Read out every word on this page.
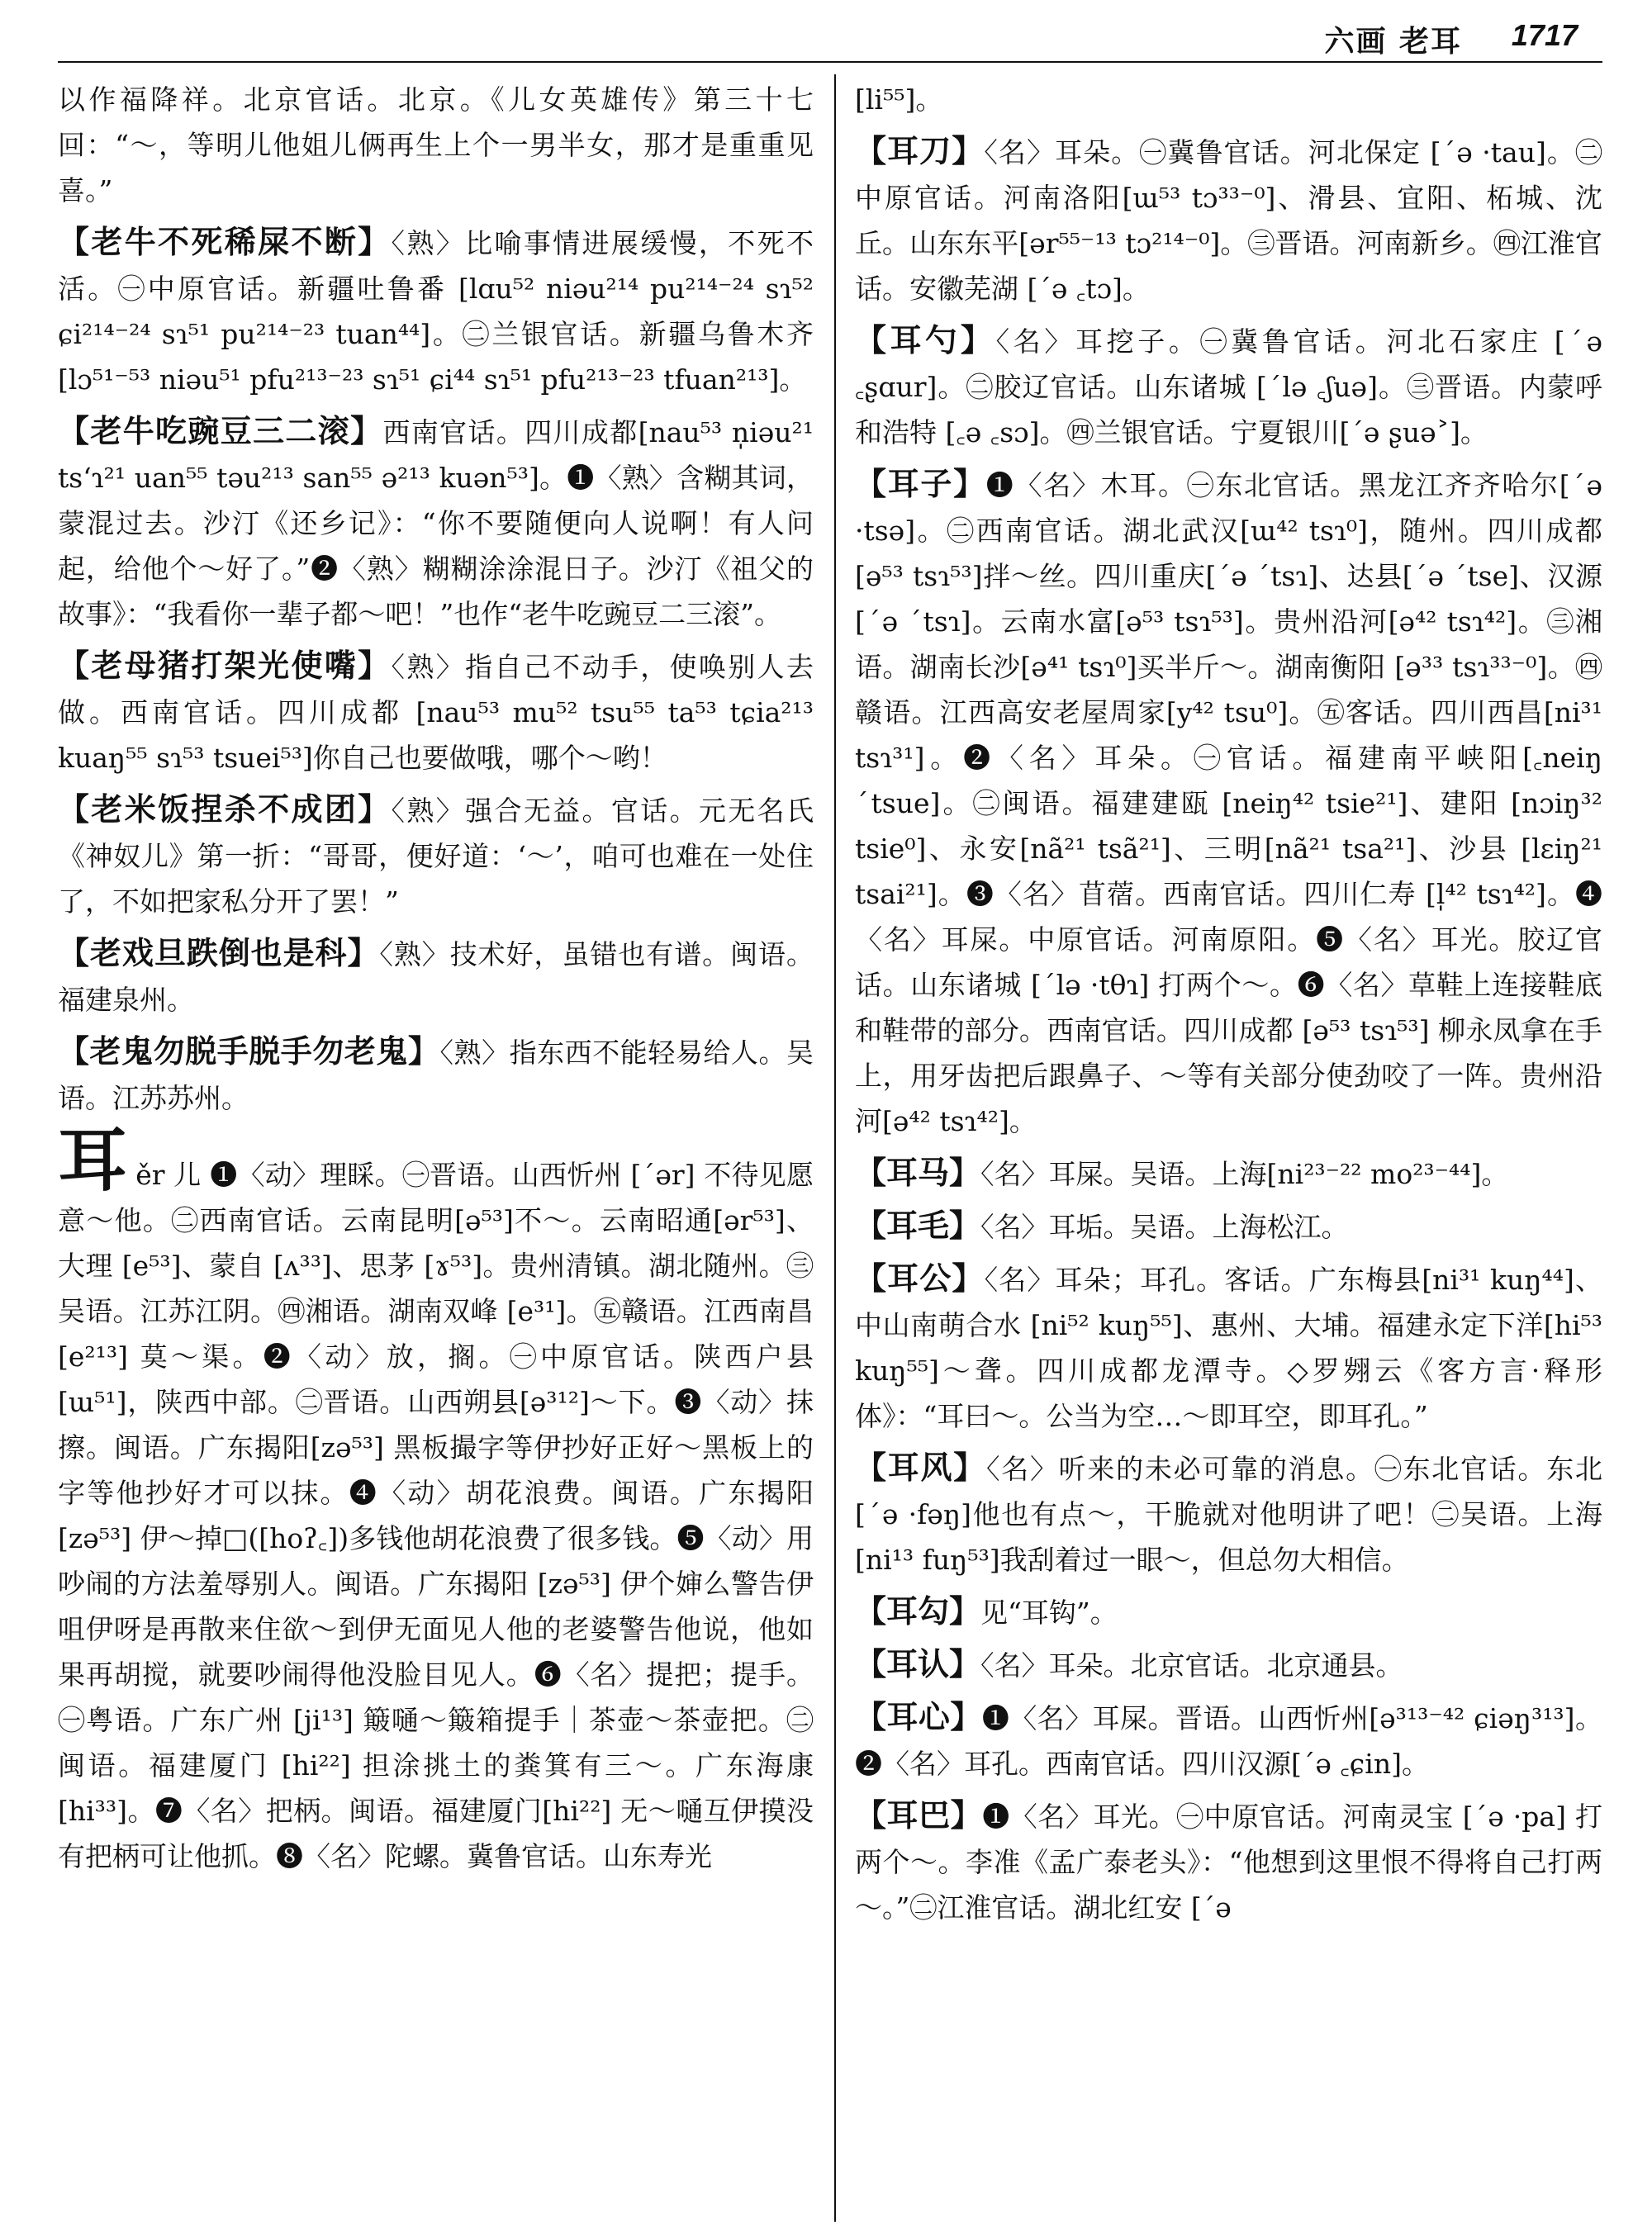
六画 老耳 1717

以作福降祥。北京官话。北京。《儿女英雄传》第三十七回：“～，等明儿他姐儿俩再生上个一男半女，那才是重重见喜。”

【老牛不死稀屎不断】〈熟〉比喻事情进展缓慢，不死不活。㊀中原官话。新疆吐鲁番 [lɑu⁵² niəu²¹⁴ pu²¹⁴⁻²⁴ sɿ⁵² ɕi²¹⁴⁻²⁴ sɿ⁵¹ pu²¹⁴⁻²³ tuan⁴⁴]。㊁兰银官话。新疆乌鲁木齐[lɔ⁵¹⁻⁵³ niəu⁵¹ pfu²¹³⁻²³ sɿ⁵¹ ɕi⁴⁴ sɿ⁵¹ pfu²¹³⁻²³ tfuan²¹³]。

【老牛吃豌豆三二滚】西南官话。四川成都[nau⁵³ n̩iəu²¹ tsʻɿ²¹ uan⁵⁵ təu²¹³ san⁵⁵ ə²¹³ kuən⁵³]。❶〈熟〉含糊其词，蒙混过去。沙汀《还乡记》：“你不要随便向人说啊！有人问起，给他个～好了。”❷〈熟〉糊糊涂涂混日子。沙汀《祖父的故事》：“我看你一辈子都～吧！”也作“老牛吃豌豆二三滚”。

【老母猪打架光使嘴】〈熟〉指自己不动手，使唤别人去做。西南官话。四川成都 [nau⁵³ mu⁵² tsu⁵⁵ ta⁵³ tɕia²¹³ kuaŋ⁵⁵ sɿ⁵³ tsuei⁵³]你自己也要做哦，哪个～哟！

【老米饭捏杀不成团】〈熟〉强合无益。官话。元无名氏《神奴儿》第一折：“哥哥，便好道：‘～’，咱可也难在一处住了，不如把家私分开了罢！”

【老戏旦跌倒也是科】〈熟〉技术好，虽错也有谱。闽语。福建泉州。

【老鬼勿脱手脱手勿老鬼】〈熟〉指东西不能轻易给人。吴语。江苏苏州。

耳ěr 儿 ❶〈动〉理睬。㊀晋语。山西忻州 [ˊər] 不待见愿意～他。㊁西南官话。云南昆明[ə⁵³]不～。云南昭通[ər⁵³]、大理 [e⁵³]、蒙自 [ʌ³³]、思茅 [ɤ⁵³]。贵州清镇。湖北随州。㊂吴语。江苏江阴。㊃湘语。湖南双峰 [e³¹]。㊄赣语。江西南昌 [e²¹³] 莫～渠。❷〈动〉放，搁。㊀中原官话。陕西户县[ɯ⁵¹]，陕西中部。㊁晋语。山西朔县[ə³¹²]～下。❸〈动〉抹擦。闽语。广东揭阳[zə⁵³] 黑板撮字等伊抄好正好～黑板上的字等他抄好才可以抹。❹〈动〉胡花浪费。闽语。广东揭阳[zə⁵³] 伊～掉□([hoʔ꜀])多钱他胡花浪费了很多钱。❺〈动〉用吵闹的方法羞辱别人。闽语。广东揭阳 [zə⁵³] 伊个婶么警告伊咀伊呀是再散来住欲～到伊无面见人他的老婆警告他说，他如果再胡搅，就要吵闹得他没脸目见人。❻〈名〉提把；提手。㊀粤语。广东广州 [ji¹³] 簸嗵～簸箱提手｜茶壶～茶壶把。㊁闽语。福建厦门 [hi²²] 担涂挑土的粪箕有三～。广东海康[hi³³]。❼〈名〉把柄。闽语。福建厦门[hi²²] 无～嗵互伊摸没有把柄可让他抓。❽〈名〉陀螺。冀鲁官话。山东寿光

[li⁵⁵]。

【耳刀】〈名〉耳朵。㊀冀鲁官话。河北保定 [ˊə ·tau]。㊁中原官话。河南洛阳[ɯ⁵³ tɔ³³⁻⁰]、滑县、宜阳、柘城、沈丘。山东东平[ər⁵⁵⁻¹³ tɔ²¹⁴⁻⁰]。㊂晋语。河南新乡。㊃江淮官话。安徽芜湖 [ˊə ꜀tɔ]。

【耳勺】〈名〉耳挖子。㊀冀鲁官话。河北石家庄 [ˊə ꜀ʂɑur]。㊁胶辽官话。山东诸城 [ˊlə ꜀ʃuə]。㊂晋语。内蒙呼和浩特 [꜀ə ꜀sɔ]。㊃兰银官话。宁夏银川[ˊə ʂuə˃]。

【耳子】❶〈名〉木耳。㊀东北官话。黑龙江齐齐哈尔[ˊə ·tsə]。㊁西南官话。湖北武汉[ɯ⁴² tsɿ⁰]，随州。四川成都[ə⁵³ tsɿ⁵³]拌～丝。四川重庆[ˊə ˊtsɿ]、达县[ˊə ˊtse]、汉源[ˊə ˊtsɿ]。云南水富[ə⁵³ tsɿ⁵³]。贵州沿河[ə⁴² tsɿ⁴²]。㊂湘语。湖南长沙[ə⁴¹ tsɿ⁰]买半斤～。湖南衡阳 [ə³³ tsɿ³³⁻⁰]。㊃赣语。江西高安老屋周家[y⁴² tsu⁰]。㊄客话。四川西昌[ni³¹ tsɿ³¹]。❷〈名〉耳朵。㊀官话。福建南平峡阳[꜀neiŋ ˊtsue]。㊁闽语。福建建瓯 [neiŋ⁴² tsie²¹]、建阳 [nɔiŋ³² tsie⁰]、永安[nã²¹ tsã²¹]、三明[nã²¹ tsa²¹]、沙县 [lɛiŋ²¹ tsai²¹]。❸〈名〉苜蓿。西南官话。四川仁寿 [l̩⁴² tsɿ⁴²]。❹〈名〉耳屎。中原官话。河南原阳。❺〈名〉耳光。胶辽官话。山东诸城 [ˊlə ·tθɿ] 打两个～。❻〈名〉草鞋上连接鞋底和鞋带的部分。西南官话。四川成都 [ə⁵³ tsɿ⁵³] 柳永凤拿在手上，用牙齿把后跟鼻子、～等有关部分使劲咬了一阵。贵州沿河[ə⁴² tsɿ⁴²]。

【耳马】〈名〉耳屎。吴语。上海[ni²³⁻²² mo²³⁻⁴⁴]。

【耳毛】〈名〉耳垢。吴语。上海松江。

【耳公】〈名〉耳朵；耳孔。客话。广东梅县[ni³¹ kuŋ⁴⁴]、中山南萌合水 [ni⁵² kuŋ⁵⁵]、惠州、大埔。福建永定下洋[hi⁵³ kuŋ⁵⁵]～聋。四川成都龙潭寺。◇罗翙云《客方言·释形体》：“耳曰～。公当为空…～即耳空，即耳孔。”

【耳风】〈名〉听来的未必可靠的消息。㊀东北官话。东北[ˊə ·fəŋ]他也有点～，干脆就对他明讲了吧！㊁吴语。上海[ni¹³ fuŋ⁵³]我刮着过一眼～，但总勿大相信。

【耳勾】见“耳钩”。

【耳认】〈名〉耳朵。北京官话。北京通县。

【耳心】❶〈名〉耳屎。晋语。山西忻州[ə³¹³⁻⁴² ɕiəŋ³¹³]。❷〈名〉耳孔。西南官话。四川汉源[ˊə ꜀ɕin]。

【耳巴】❶〈名〉耳光。㊀中原官话。河南灵宝 [ˊə ·pa] 打两个～。李准《孟广泰老头》：“他想到这里恨不得将自己打两～。”㊁江淮官话。湖北红安 [ˊə
